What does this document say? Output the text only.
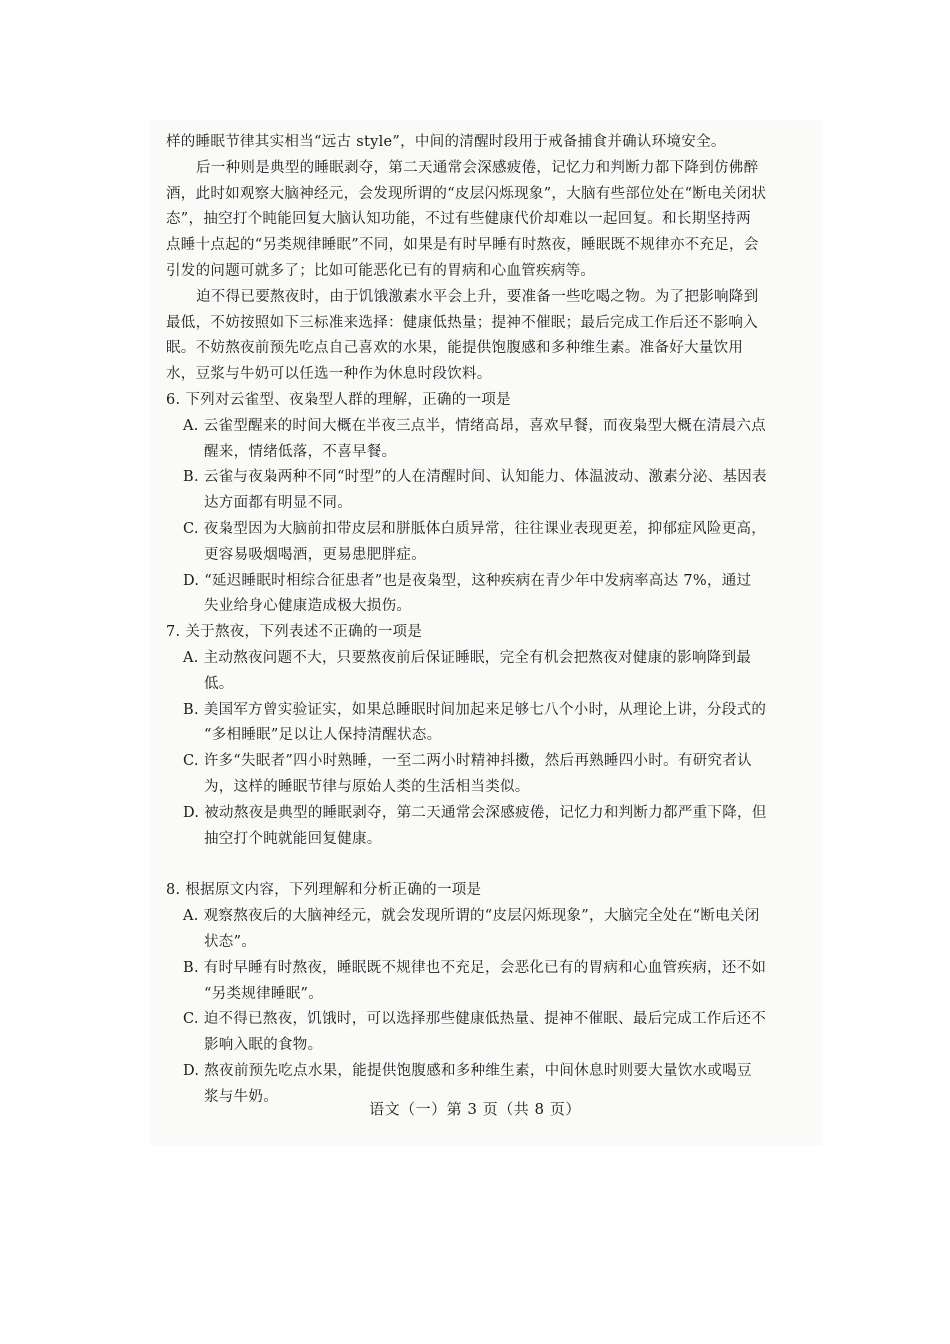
样的睡眠节律其实相当“远古 style”，中间的清醒时段用于戒备捕食并确认环境安全。
后一种则是典型的睡眠剥夺，第二天通常会深感疲倦，记忆力和判断力都下降到仿佛醉
酒，此时如观察大脑神经元，会发现所谓的“皮层闪烁现象”，大脑有些部位处在“断电关闭状
态”，抽空打个盹能回复大脑认知功能，不过有些健康代价却难以一起回复。和长期坚持两
点睡十点起的“另类规律睡眠”不同，如果是有时早睡有时熬夜，睡眠既不规律亦不充足，会
引发的问题可就多了；比如可能恶化已有的胃病和心血管疾病等。
迫不得已要熬夜时，由于饥饿激素水平会上升，要准备一些吃喝之物。为了把影响降到
最低，不妨按照如下三标准来选择：健康低热量；提神不催眠；最后完成工作后还不影响入
眠。不妨熬夜前预先吃点自己喜欢的水果，能提供饱腹感和多种维生素。准备好大量饮用
水，豆浆与牛奶可以任选一种作为休息时段饮料。
6. 下列对云雀型、夜枭型人群的理解，正确的一项是
A. 云雀型醒来的时间大概在半夜三点半，情绪高昂，喜欢早餐，而夜枭型大概在清晨六点
醒来，情绪低落，不喜早餐。
B. 云雀与夜枭两种不同“时型”的人在清醒时间、认知能力、体温波动、激素分泌、基因表
达方面都有明显不同。
C. 夜枭型因为大脑前扣带皮层和胼胝体白质异常，往往课业表现更差，抑郁症风险更高，
更容易吸烟喝酒，更易患肥胖症。
D. “延迟睡眠时相综合征患者”也是夜枭型，这种疾病在青少年中发病率高达 7%，通过
失业给身心健康造成极大损伤。
7. 关于熬夜，下列表述不正确的一项是
A. 主动熬夜问题不大，只要熬夜前后保证睡眠，完全有机会把熬夜对健康的影响降到最
低。
B. 美国军方曾实验证实，如果总睡眠时间加起来足够七八个小时，从理论上讲，分段式的
“多相睡眠”足以让人保持清醒状态。
C. 许多“失眠者”四小时熟睡，一至二两小时精神抖擞，然后再熟睡四小时。有研究者认
为，这样的睡眠节律与原始人类的生活相当类似。
D. 被动熬夜是典型的睡眠剥夺，第二天通常会深感疲倦，记忆力和判断力都严重下降，但
抽空打个盹就能回复健康。
8. 根据原文内容，下列理解和分析正确的一项是
A. 观察熬夜后的大脑神经元，就会发现所谓的“皮层闪烁现象”，大脑完全处在“断电关闭
状态”。
B. 有时早睡有时熬夜，睡眠既不规律也不充足，会恶化已有的胃病和心血管疾病，还不如
“另类规律睡眠”。
C. 迫不得已熬夜，饥饿时，可以选择那些健康低热量、提神不催眠、最后完成工作后还不
影响入眠的食物。
D. 熬夜前预先吃点水果，能提供饱腹感和多种维生素，中间休息时则要大量饮水或喝豆
浆与牛奶。
语文（一）第 3 页（共 8 页）
